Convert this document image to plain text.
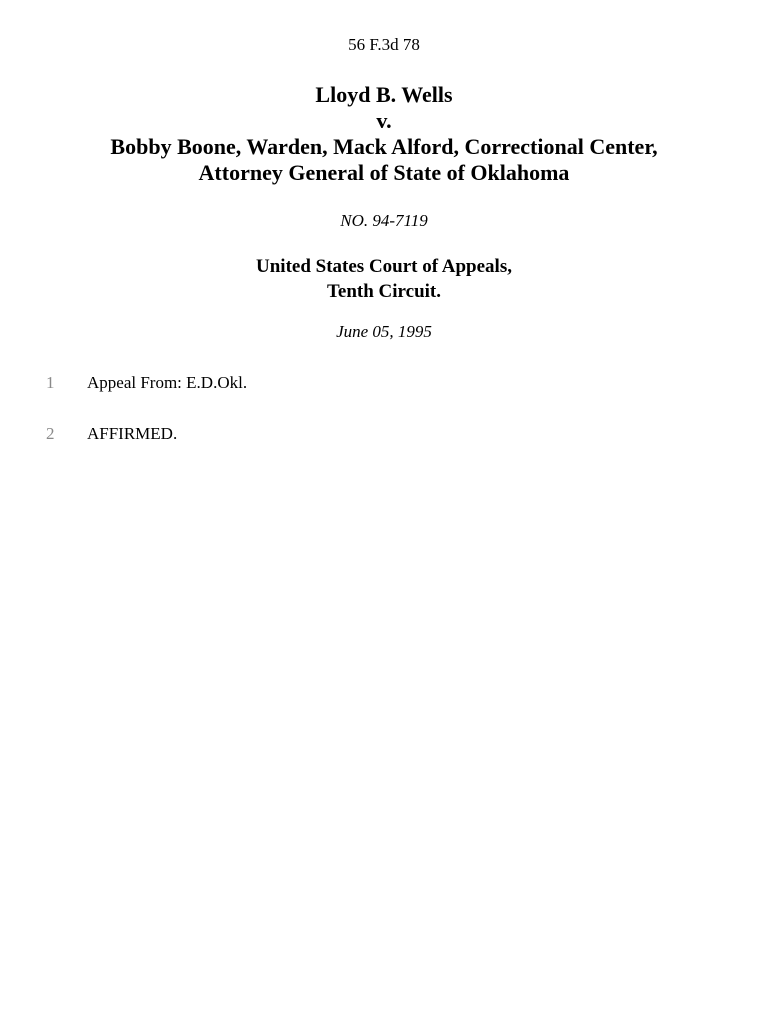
56 F.3d 78
Lloyd B. Wells
v.
Bobby Boone, Warden, Mack Alford, Correctional Center,
Attorney General of State of Oklahoma
NO. 94-7119
United States Court of Appeals,
Tenth Circuit.
June 05, 1995
1 Appeal From: E.D.Okl.
2 AFFIRMED.
